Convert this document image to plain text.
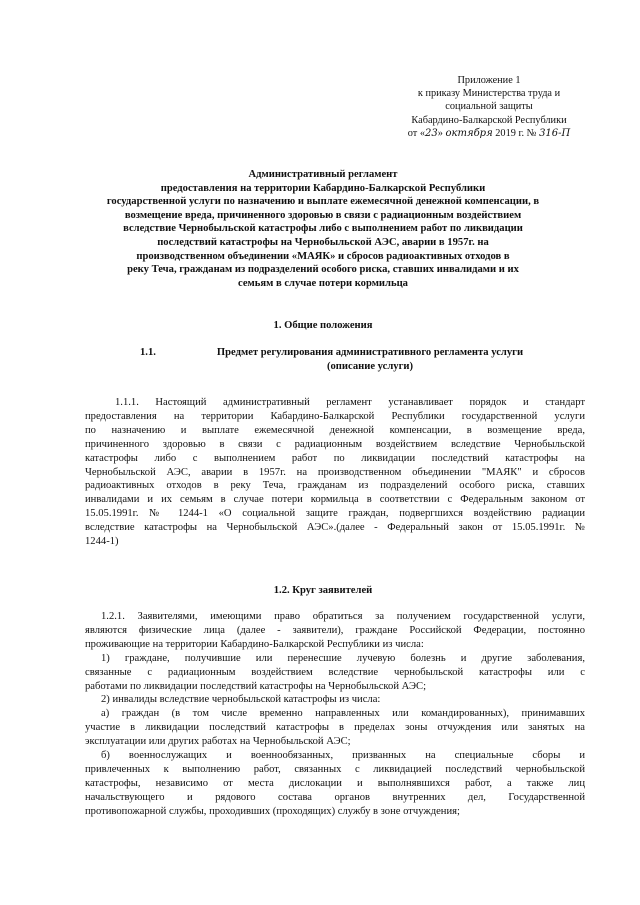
Приложение 1
к приказу Министерства труда и
социальной защиты
Кабардино-Балкарской Республики
от «23» октября 2019 г. № 316-П
Административный регламент
предоставления на территории Кабардино-Балкарской Республики
государственной услуги по назначению и выплате ежемесячной денежной компенсации, в
возмещение вреда, причиненного здоровью в связи с радиационным воздействием
вследствие Чернобыльской катастрофы либо с выполнением работ по ликвидации
последствий катастрофы на Чернобыльской АЭС, аварии в 1957г. на
производственном объединении «МАЯК» и сбросов радиоактивных отходов в
реку Теча, гражданам из подразделений особого риска, ставших инвалидами и их
семьям в случае потери кормильца
1. Общие положения
1.1.	Предмет регулирования административного регламента услуги
(описание услуги)
1.1.1. Настоящий административный регламент устанавливает порядок и стандарт
предоставления на территории Кабардино-Балкарской Республики государственной услуги
по назначению и выплате ежемесячной денежной компенсации, в возмещение вреда,
причиненного здоровью в связи с радиационным воздействием вследствие Чернобыльской
катастрофы либо с выполнением работ по ликвидации последствий катастрофы на
Чернобыльской АЭС, аварии в 1957г. на производственном объединении "МАЯК" и сбросов
радиоактивных отходов в реку Теча, гражданам из подразделений особого риска, ставших
инвалидами и их семьям в случае потери кормильца в соответствии с Федеральным законом от
15.05.1991г. № 1244-1 «О социальной защите граждан, подвергшихся воздействию радиации
вследствие катастрофы на Чернобыльской АЭС».(далее - Федеральный закон от 15.05.1991г. №
1244-1)
1.2. Круг заявителей
1.2.1. Заявителями, имеющими право обратиться за получением государственной услуги,
являются физические лица (далее - заявители), граждане Российской Федерации, постоянно
проживающие на территории Кабардино-Балкарской Республики из числа:
1) граждане, получившие или перенесшие лучевую болезнь и другие заболевания,
связанные с радиационным воздействием вследствие чернобыльской катастрофы или с
работами по ликвидации последствий катастрофы на Чернобыльской АЭС;
2) инвалиды вследствие чернобыльской катастрофы из числа:
а) граждан (в том числе временно направленных или командированных), принимавших
участие в ликвидации последствий катастрофы в пределах зоны отчуждения или занятых на
эксплуатации или других работах на Чернобыльской АЭС;
б) военнослужащих и военнообязанных, призванных на специальные сборы и
привлеченных к выполнению работ, связанных с ликвидацией последствий чернобыльской
катастрофы, независимо от места дислокации и выполнявшихся работ, а также лиц
начальствующего и рядового состава органов внутренних дел, Государственной
противопожарной службы, проходивших (проходящих) службу в зоне отчуждения;
